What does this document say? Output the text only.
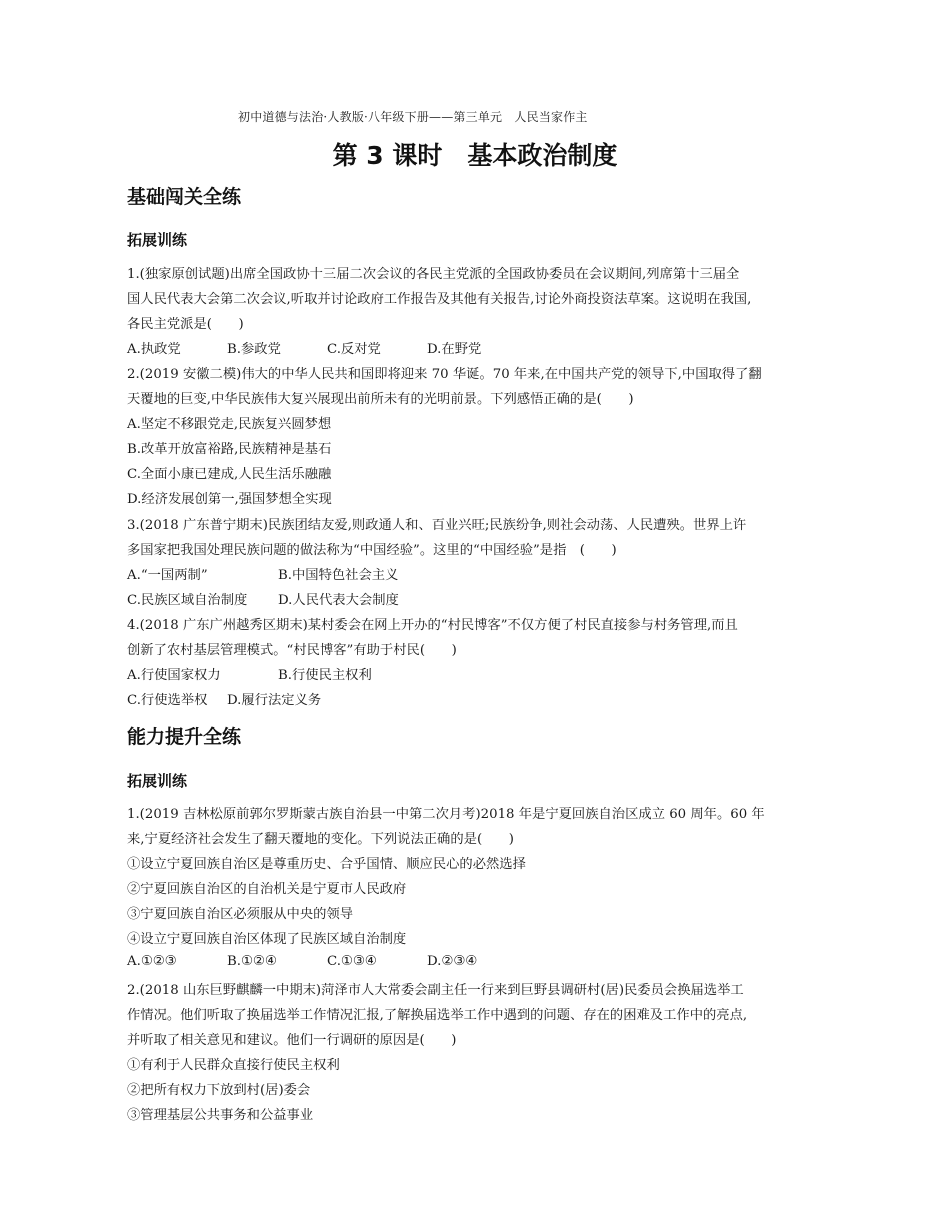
初中道德与法治·人教版·八年级下册——第三单元　人民当家作主
第 3 课时　基本政治制度
基础闯关全练
拓展训练
1.(独家原创试题)出席全国政协十三届二次会议的各民主党派的全国政协委员在会议期间,列席第十三届全
国人民代表大会第二次会议,听取并讨论政府工作报告及其他有关报告,讨论外商投资法草案。这说明在我国,
各民主党派是(　　)
A.执政党	B.参政党	C.反对党	D.在野党
2.(2019 安徽二模)伟大的中华人民共和国即将迎来 70 华诞。70 年来,在中国共产党的领导下,中国取得了翻
天覆地的巨变,中华民族伟大复兴展现出前所未有的光明前景。下列感悟正确的是(　　)
A.坚定不移跟党走,民族复兴圆梦想
B.改革开放富裕路,民族精神是基石
C.全面小康已建成,人民生活乐融融
D.经济发展创第一,强国梦想全实现
3.(2018 广东普宁期末)民族团结友爱,则政通人和、百业兴旺;民族纷争,则社会动荡、人民遭殃。世界上许
多国家把我国处理民族问题的做法称为“中国经验”。这里的“中国经验”是指　(　　)
A.“一国两制”	B.中国特色社会主义
C.民族区域自治制度 D.人民代表大会制度
4.(2018 广东广州越秀区期末)某村委会在网上开办的“村民博客”不仅方便了村民直接参与村务管理,而且
创新了农村基层管理模式。“村民博客”有助于村民(　　)
A.行使国家权力	B.行使民主权利
C.行使选举权 D.履行法定义务
能力提升全练
拓展训练
1.(2019 吉林松原前郭尔罗斯蒙古族自治县一中第二次月考)2018 年是宁夏回族自治区成立 60 周年。60 年
来,宁夏经济社会发生了翻天覆地的变化。下列说法正确的是(　　)
①设立宁夏回族自治区是尊重历史、合乎国情、顺应民心的必然选择
②宁夏回族自治区的自治机关是宁夏市人民政府
③宁夏回族自治区必须服从中央的领导
④设立宁夏回族自治区体现了民族区域自治制度
A.①②③	B.①②④	C.①③④	D.②③④
2.(2018 山东巨野麒麟一中期末)菏泽市人大常委会副主任一行来到巨野县调研村(居)民委员会换届选举工
作情况。他们听取了换届选举工作情况汇报,了解换届选举工作中遇到的问题、存在的困难及工作中的亮点,
并听取了相关意见和建议。他们一行调研的原因是(　　)
①有利于人民群众直接行使民主权利
②把所有权力下放到村(居)委会
③管理基层公共事务和公益事业
